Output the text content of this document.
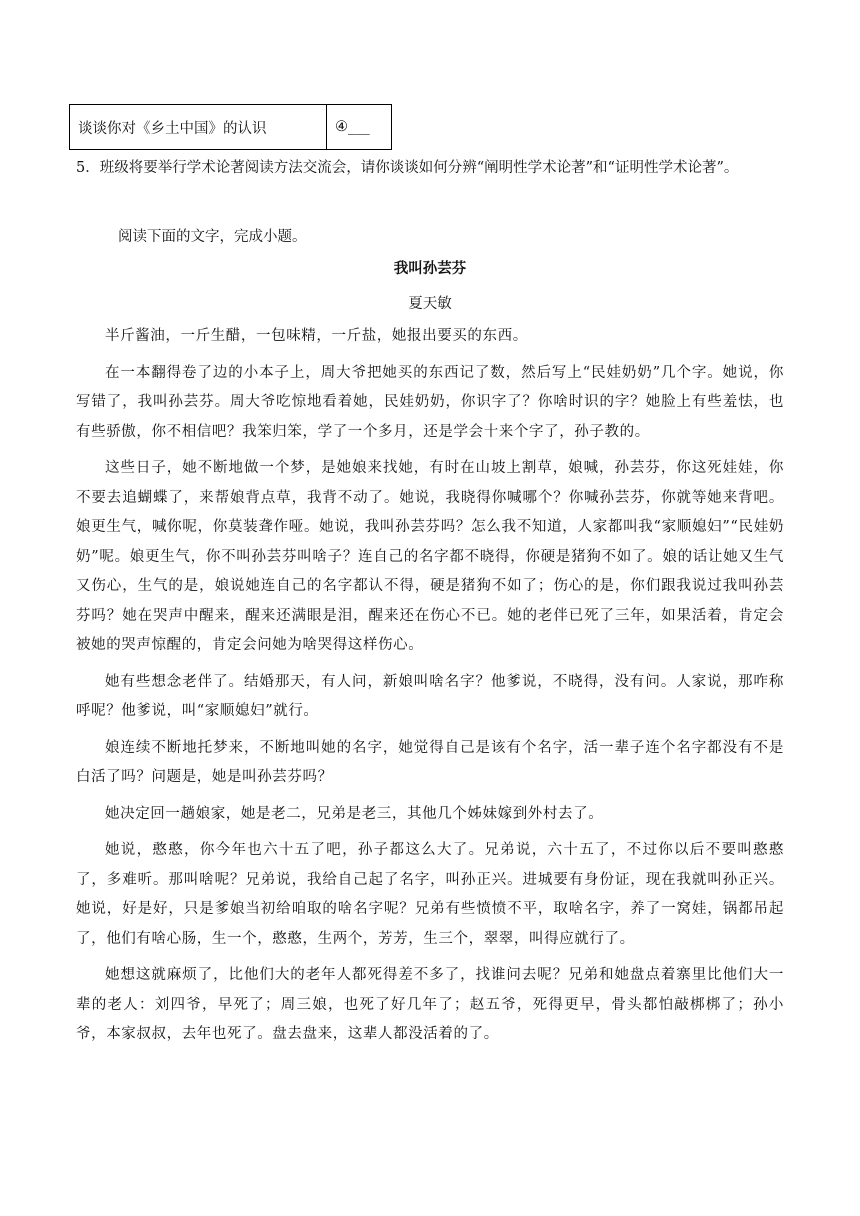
谈谈你对《乡土中国》的认识	④___
5．班级将要举行学术论著阅读方法交流会，请你谈谈如何分辨“阐明性学术论著”和“证明性学术论著”。
阅读下面的文字，完成小题。
我叫孙芸芬
夏天敏

半斤酱油，一斤生醋，一包味精，一斤盐，她报出要买的东西。

在一本翻得卷了边的小本子上，周大爷把她买的东西记了数，然后写上“民娃奶奶”几个字。她说，你写错了，我叫孙芸芬。周大爷吃惊地看着她，民娃奶奶，你识字了？你啥时识的字？她脸上有些羞怯，也有些骄傲，你不相信吧？我笨归笨，学了一个多月，还是学会十来个字了，孙子教的。

这些日子，她不断地做一个梦，是她娘来找她，有时在山坡上割草，娘喊，孙芸芬，你这死娃娃，你不要去追蝴蝶了，来帮娘背点草，我背不动了。她说，我晓得你喊哪个？你喊孙芸芬，你就等她来背吧。娘更生气，喊你呢，你莫装聋作哑。她说，我叫孙芸芬吗？怎么我不知道，人家都叫我“家顺媳妇”“民娃奶奶”呢。娘更生气，你不叫孙芸芬叫啥子？连自己的名字都不晓得，你硬是猪狗不如了。娘的话让她又生气又伤心，生气的是，娘说她连自己的名字都认不得，硬是猪狗不如了；伤心的是，你们跟我说过我叫孙芸芬吗？她在哭声中醒来，醒来还满眼是泪，醒来还在伤心不已。她的老伴已死了三年，如果活着，肯定会被她的哭声惊醒的，肯定会问她为啥哭得这样伤心。

她有些想念老伴了。结婚那天，有人问，新娘叫啥名字？他爹说，不晓得，没有问。人家说，那咋称呼呢？他爹说，叫“家顺媳妇”就行。

娘连续不断地托梦来，不断地叫她的名字，她觉得自己是该有个名字，活一辈子连个名字都没有不是白活了吗？问题是，她是叫孙芸芬吗？

她决定回一趟娘家，她是老二，兄弟是老三，其他几个姊妹嫁到外村去了。

她说，憨憨，你今年也六十五了吧，孙子都这么大了。兄弟说，六十五了，不过你以后不要叫憨憨了，多难听。那叫啥呢？兄弟说，我给自己起了名字，叫孙正兴。进城要有身份证，现在我就叫孙正兴。她说，好是好，只是爹娘当初给咱取的啥名字呢？兄弟有些愤愤不平，取啥名字，养了一窝娃，锅都吊起了，他们有啥心肠，生一个，憨憨，生两个，芳芳，生三个，翠翠，叫得应就行了。

她想这就麻烦了，比他们大的老年人都死得差不多了，找谁问去呢？兄弟和她盘点着寨里比他们大一辈的老人：刘四爷，早死了；周三娘，也死了好几年了；赵五爷，死得更早，骨头都怕敲梆梆了；孙小爷，本家叔叔，去年也死了。盘去盘来，这辈人都没活着的了。
